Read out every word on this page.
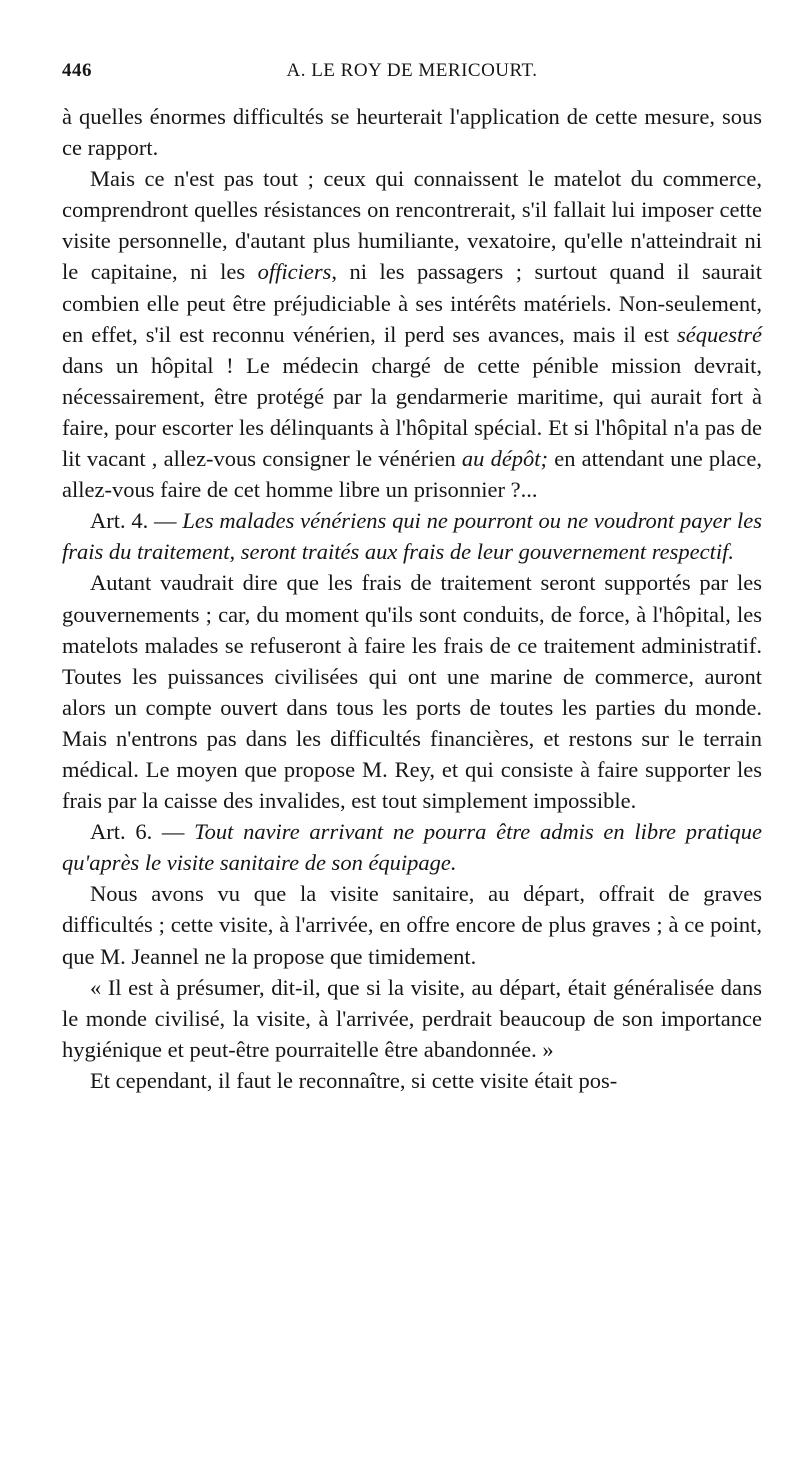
446	A. LE ROY DE MERICOURT.

à quelles énormes difficultés se heurterait l'application de cette mesure, sous ce rapport.

Mais ce n'est pas tout ; ceux qui connaissent le matelot du commerce, comprendront quelles résistances on rencontrerait, s'il fallait lui imposer cette visite personnelle, d'autant plus humiliante, vexatoire, qu'elle n'atteindrait ni le capitaine, ni les officiers, ni les passagers ; surtout quand il saurait combien elle peut être préjudiciable à ses intérêts matériels. Non-seulement, en effet, s'il est reconnu vénérien, il perd ses avances, mais il est séquestré dans un hôpital ! Le médecin chargé de cette pénible mission devrait, nécessairement, être protégé par la gendarmerie maritime, qui aurait fort à faire, pour escorter les délinquants à l'hôpital spécial. Et si l'hôpital n'a pas de lit vacant , allez-vous consigner le vénérien au dépôt; en attendant une place, allez-vous faire de cet homme libre un prisonnier ?...

Art. 4. — Les malades vénériens qui ne pourront ou ne voudront payer les frais du traitement, seront traités aux frais de leur gouvernement respectif.

Autant vaudrait dire que les frais de traitement seront supportés par les gouvernements ; car, du moment qu'ils sont conduits, de force, à l'hôpital, les matelots malades se refuseront à faire les frais de ce traitement administratif. Toutes les puissances civilisées qui ont une marine de commerce, auront alors un compte ouvert dans tous les ports de toutes les parties du monde. Mais n'entrons pas dans les difficultés financières, et restons sur le terrain médical. Le moyen que propose M. Rey, et qui consiste à faire supporter les frais par la caisse des invalides, est tout simplement impossible.

Art. 6. — Tout navire arrivant ne pourra être admis en libre pratique qu'après le visite sanitaire de son équipage.

Nous avons vu que la visite sanitaire, au départ, offrait de graves difficultés ; cette visite, à l'arrivée, en offre encore de plus graves ; à ce point, que M. Jeannel ne la propose que timidement.

« Il est à présumer, dit-il, que si la visite, au départ, était généralisée dans le monde civilisé, la visite, à l'arrivée, perdrait beaucoup de son importance hygiénique et peut-être pourraitelle être abandonnée. »

Et cependant, il faut le reconnaître, si cette visite était pos-
